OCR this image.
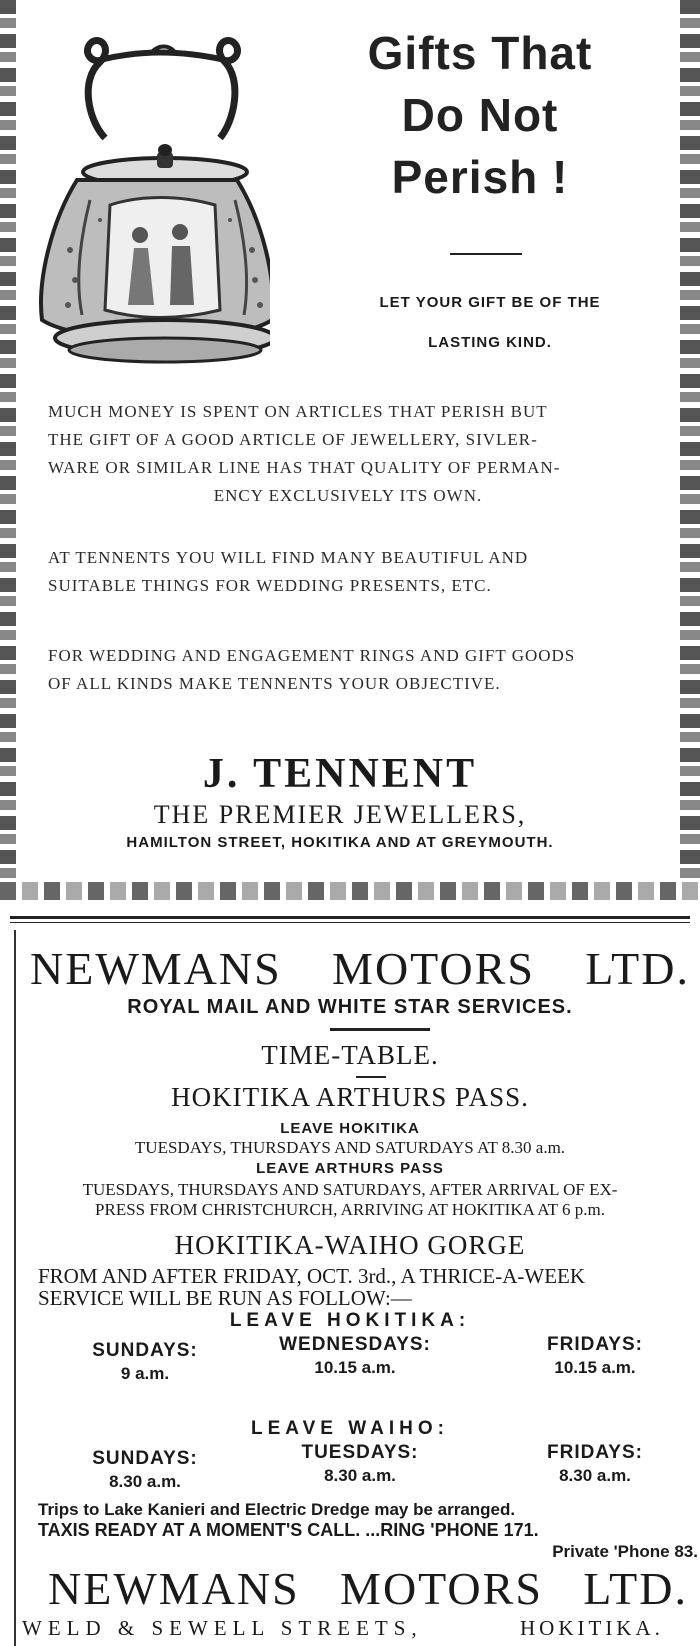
Gifts That
Do Not
Perish !
LET YOUR GIFT BE OF THE
LASTING KIND.
MUCH MONEY IS SPENT ON ARTICLES THAT PERISH BUT
THE GIFT OF A GOOD ARTICLE OF JEWELLERY, SIVLER-
WARE OR SIMILAR LINE HAS THAT QUALITY OF PERMAN-
ENCY EXCLUSIVELY ITS OWN.
AT TENNENTS YOU WILL FIND MANY BEAUTIFUL AND
SUITABLE THINGS FOR WEDDING PRESENTS, ETC.
FOR WEDDING AND ENGAGEMENT RINGS AND GIFT GOODS
OF ALL KINDS MAKE TENNENTS YOUR OBJECTIVE.
J. TENNENT
THE PREMIER JEWELLERS,
HAMILTON STREET, HOKITIKA AND AT GREYMOUTH.
NEWMANS MOTORS LTD.
ROYAL MAIL AND WHITE STAR SERVICES.
TIME-TABLE.
HOKITIKA ARTHURS PASS.
LEAVE HOKITIKA
TUESDAYS, THURSDAYS AND SATURDAYS AT 8.30 a.m.
LEAVE ARTHURS PASS
TUESDAYS, THURSDAYS AND SATURDAYS, AFTER ARRIVAL OF EX-
PRESS FROM CHRISTCHURCH, ARRIVING AT HOKITIKA AT 6 p.m.
HOKITIKA-WAIHO GORGE
FROM AND AFTER FRIDAY, OCT. 3rd., A THRICE-A-WEEK
SERVICE WILL BE RUN AS FOLLOW:—
LEAVE HOKITIKA:
SUNDAYS:
9 a.m.
WEDNESDAYS:
10.15 a.m.
FRIDAYS:
10.15 a.m.
LEAVE WAIHO:
SUNDAYS:
8.30 a.m.
TUESDAYS:
8.30 a.m.
FRIDAYS:
8.30 a.m.
Trips to Lake Kanieri and Electric Dredge may be arranged.
TAXIS READY AT A MOMENT'S CALL. ...RING 'PHONE 171.
Private 'Phone 83.
NEWMANS MOTORS LTD.
WELD & SEWELL STREETS,	HOKITIKA.
